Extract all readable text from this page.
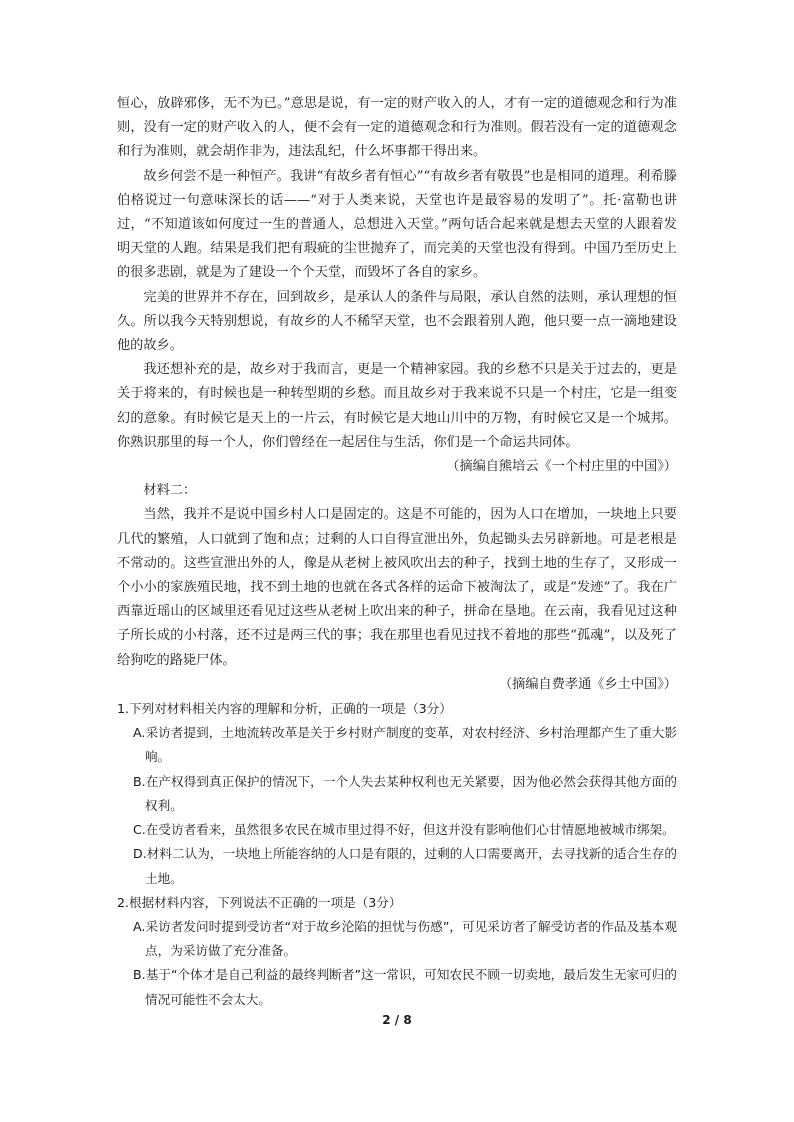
恒心，放辟邪侈，无不为已。”意思是说，有一定的财产收入的人，才有一定的道德观念和行为准则，没有一定的财产收入的人，便不会有一定的道德观念和行为准则。假若没有一定的道德观念和行为准则，就会胡作非为，违法乱纪，什么坏事都干得出来。

故乡何尝不是一种恒产。我讲“有故乡者有恒心”“有故乡者有敬畏”也是相同的道理。利希滕伯格说过一句意味深长的话——“对于人类来说，天堂也许是最容易的发明了”。托·富勒也讲过，“不知道该如何度过一生的普通人，总想进入天堂。”两句话合起来就是想去天堂的人跟着发明天堂的人跑。结果是我们把有瑕疵的尘世抛弃了，而完美的天堂也没有得到。中国乃至历史上的很多悲剧，就是为了建设一个个天堂，而毁坏了各自的家乡。

完美的世界并不存在，回到故乡，是承认人的条件与局限，承认自然的法则，承认理想的恒久。所以我今天特别想说，有故乡的人不稀罕天堂，也不会跟着别人跑，他只要一点一滴地建设他的故乡。

我还想补充的是，故乡对于我而言，更是一个精神家园。我的乡愁不只是关于过去的，更是关于将来的，有时候也是一种转型期的乡愁。而且故乡对于我来说不只是一个村庄，它是一组变幻的意象。有时候它是天上的一片云，有时候它是大地山川中的万物，有时候它又是一个城邦。你熟识那里的每一个人，你们曾经在一起居住与生活，你们是一个命运共同体。

（摘编自熊培云《一个村庄里的中国》）

材料二：

当然，我并不是说中国乡村人口是固定的。这是不可能的，因为人口在增加，一块地上只要几代的繁殖，人口就到了饱和点；过剩的人口自得宣泄出外，负起锄头去另辟新地。可是老根是不常动的。这些宣泄出外的人，像是从老树上被风吹出去的种子，找到土地的生存了，又形成一个小小的家族殖民地，找不到土地的也就在各式各样的运命下被淘汰了，或是“发迹”了。我在广西靠近瑶山的区域里还看见过这些从老树上吹出来的种子，拼命在垦地。在云南，我看见过这种子所长成的小村落，还不过是两三代的事；我在那里也看见过找不着地的那些“孤魂”，以及死了给狗吃的路毙尸体。

（摘编自费孝通《乡土中国》）

1.下列对材料相关内容的理解和分析，正确的一项是（3分）

A.采访者提到，土地流转改革是关于乡村财产制度的变革，对农村经济、乡村治理都产生了重大影响。

B.在产权得到真正保护的情况下，一个人失去某种权利也无关紧要，因为他必然会获得其他方面的权利。

C.在受访者看来，虽然很多农民在城市里过得不好，但这并没有影响他们心甘情愿地被城市绑架。

D.材料二认为，一块地上所能容纳的人口是有限的，过剩的人口需要离开，去寻找新的适合生存的土地。

2.根据材料内容，下列说法不正确的一项是（3分）

A.采访者发问时提到受访者“对于故乡沦陷的担忧与伤感”，可见采访者了解受访者的作品及基本观点，为采访做了充分准备。

B.基于“个体才是自己利益的最终判断者”这一常识，可知农民不顾一切卖地，最后发生无家可归的情况可能性不会太大。

2 / 8
